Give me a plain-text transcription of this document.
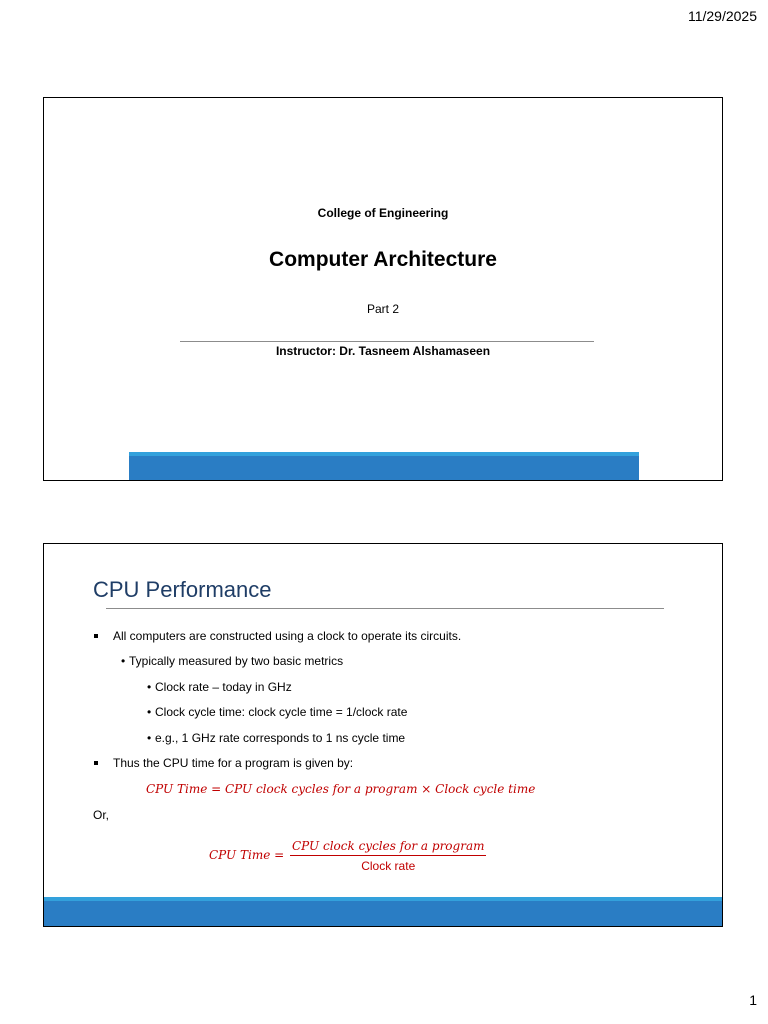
11/29/2025
College of Engineering
Computer Architecture
Part 2
Instructor: Dr. Tasneem Alshamaseen
CPU Performance
All computers are constructed using a clock to operate its circuits.
• Typically measured by two basic metrics
• Clock rate – today in GHz
• Clock cycle time: clock cycle time = 1/clock rate
• e.g., 1 GHz rate corresponds to 1 ns cycle time
Thus the CPU time for a program is given by:
CPU Time = CPU clock cycles for a program × Clock cycle time
Or,
CPU Time =
CPU clock cycles for a program
Clock rate
1
